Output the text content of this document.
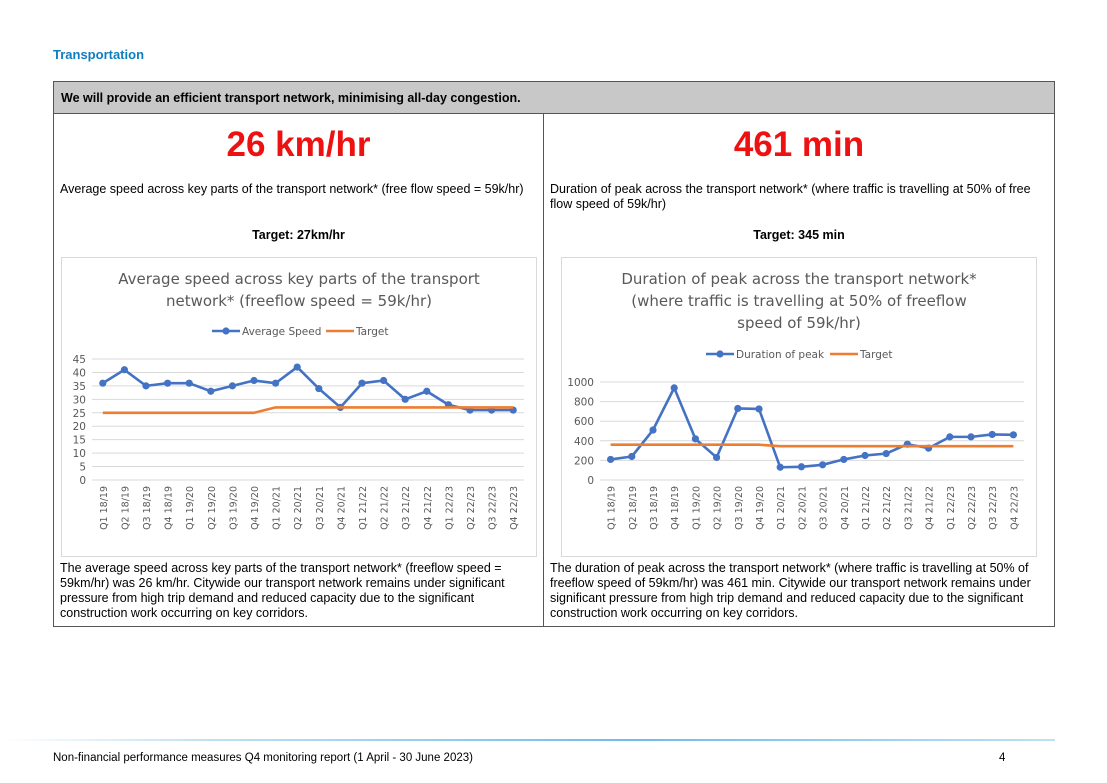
Transportation
We will provide an efficient transport network, minimising all-day congestion.
26 km/hr
Average speed across key parts of the transport network* (free flow speed = 59k/hr)
Target: 27km/hr
Average speed across key parts of the transport
network* (freeflow speed = 59k/hr)
0
5
10
15
20
25
30
35
40
45
Q1 18/19 Q2 18/19 Q3 18/19 Q4 18/19 Q1 19/20 Q2 19/20 Q3 19/20 Q4 19/20 Q1 20/21 Q2 20/21 Q3 20/21 Q4 20/21 Q1 21/22 Q2 21/22 Q3 21/22 Q4 21/22 Q1 22/23 Q2 22/23 Q3 22/23 Q4 22/23
Average Speed	Target
The average speed across key parts of the transport network* (freeflow speed = 59km/hr) was 26 km/hr. Citywide our transport network remains under significant pressure from high trip demand and reduced capacity due to the significant construction work occurring on key corridors.
461 min
Duration of peak across the transport network* (where traffic is travelling at 50% of free flow speed of 59k/hr)
Target: 345 min
Duration of peak across the transport network*
(where traffic is travelling at 50% of freeflow
speed of 59k/hr)
0
200
400
600
800
1000
Q1 18/19 Q2 18/19 Q3 18/19 Q4 18/19 Q1 19/20 Q2 19/20 Q3 19/20 Q4 19/20 Q1 20/21 Q2 20/21 Q3 20/21 Q4 20/21 Q1 21/22 Q2 21/22 Q3 21/22 Q4 21/22 Q1 22/23 Q2 22/23 Q3 22/23 Q4 22/23
Duration of peak	Target
The duration of peak across the transport network* (where traffic is travelling at 50% of freeflow speed of 59km/hr) was 461 min. Citywide our transport network remains under significant pressure from high trip demand and reduced capacity due to the significant construction work occurring on key corridors.
Non-financial performance measures Q4 monitoring report (1 April - 30 June 2023)	4
